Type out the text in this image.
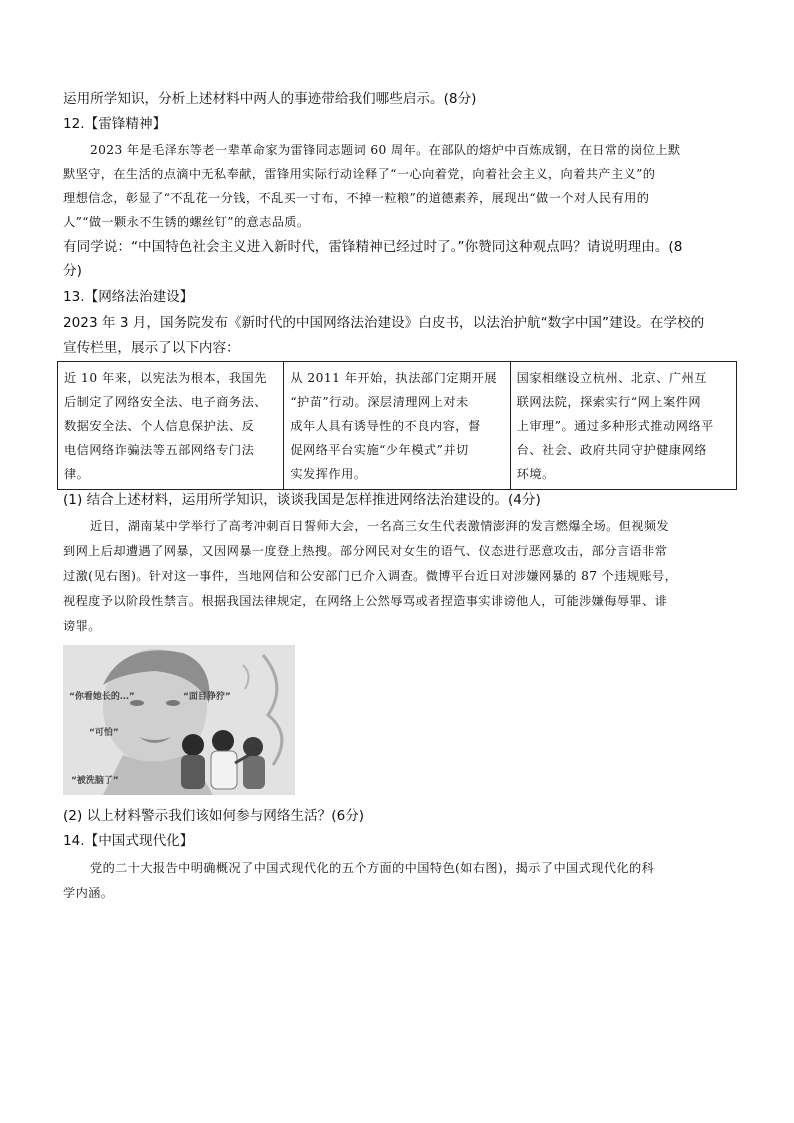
运用所学知识，分析上述材料中两人的事迹带给我们哪些启示。(8分)
12.【雷锋精神】
2023 年是毛泽东等老一辈革命家为雷锋同志题词 60 周年。在部队的熔炉中百炼成钢，在日常的岗位上默
默坚守，在生活的点滴中无私奉献，雷锋用实际行动诠释了“一心向着党，向着社会主义，向着共产主义”的
理想信念，彰显了“不乱花一分钱，不乱买一寸布，不掉一粒粮”的道德素养，展现出“做一个对人民有用的
人”“做一颗永不生锈的螺丝钉”的意志品质。
有同学说：“中国特色社会主义进入新时代，雷锋精神已经过时了。”你赞同这种观点吗？请说明理由。(8
分)
13.【网络法治建设】
2023 年 3 月，国务院发布《新时代的中国网络法治建设》白皮书，以法治护航“数字中国”建设。在学校的
宣传栏里，展示了以下内容：
近 10 年来，以宪法为根本，我国先
后制定了网络安全法、电子商务法、
数据安全法、个人信息保护法、反
电信网络诈骗法等五部网络专门法
律。

从 2011 年开始，执法部门定期开展
“护苗”行动。深层清理网上对未
成年人具有诱导性的不良内容，督
促网络平台实施“少年模式”并切
实发挥作用。

国家相继设立杭州、北京、广州互
联网法院，探索实行“网上案件网
上审理”。通过多种形式推动网络平
台、社会、政府共同守护健康网络
环境。
(1) 结合上述材料，运用所学知识，谈谈我国是怎样推进网络法治建设的。(4分)
近日，湖南某中学举行了高考冲刺百日誓师大会，一名高三女生代表激情澎湃的发言燃爆全场。但视频发
到网上后却遭遇了网暴，又因网暴一度登上热搜。部分网民对女生的语气、仪态进行恶意攻击，部分言语非常
过激(见右图)。针对这一事件，当地网信和公安部门已介入调查。微博平台近日对涉嫌网暴的 87 个违规账号，
视程度予以阶段性禁言。根据我国法律规定，在网络上公然辱骂或者捏造事实诽谤他人，可能涉嫌侮辱罪、诽
谤罪。
“你看她长的…”	“面目狰狞”
“可怕”
“被洗脑了”
(2) 以上材料警示我们该如何参与网络生活？(6分)
14.【中国式现代化】
党的二十大报告中明确概况了中国式现代化的五个方面的中国特色(如右图)，揭示了中国式现代化的科
学内涵。
